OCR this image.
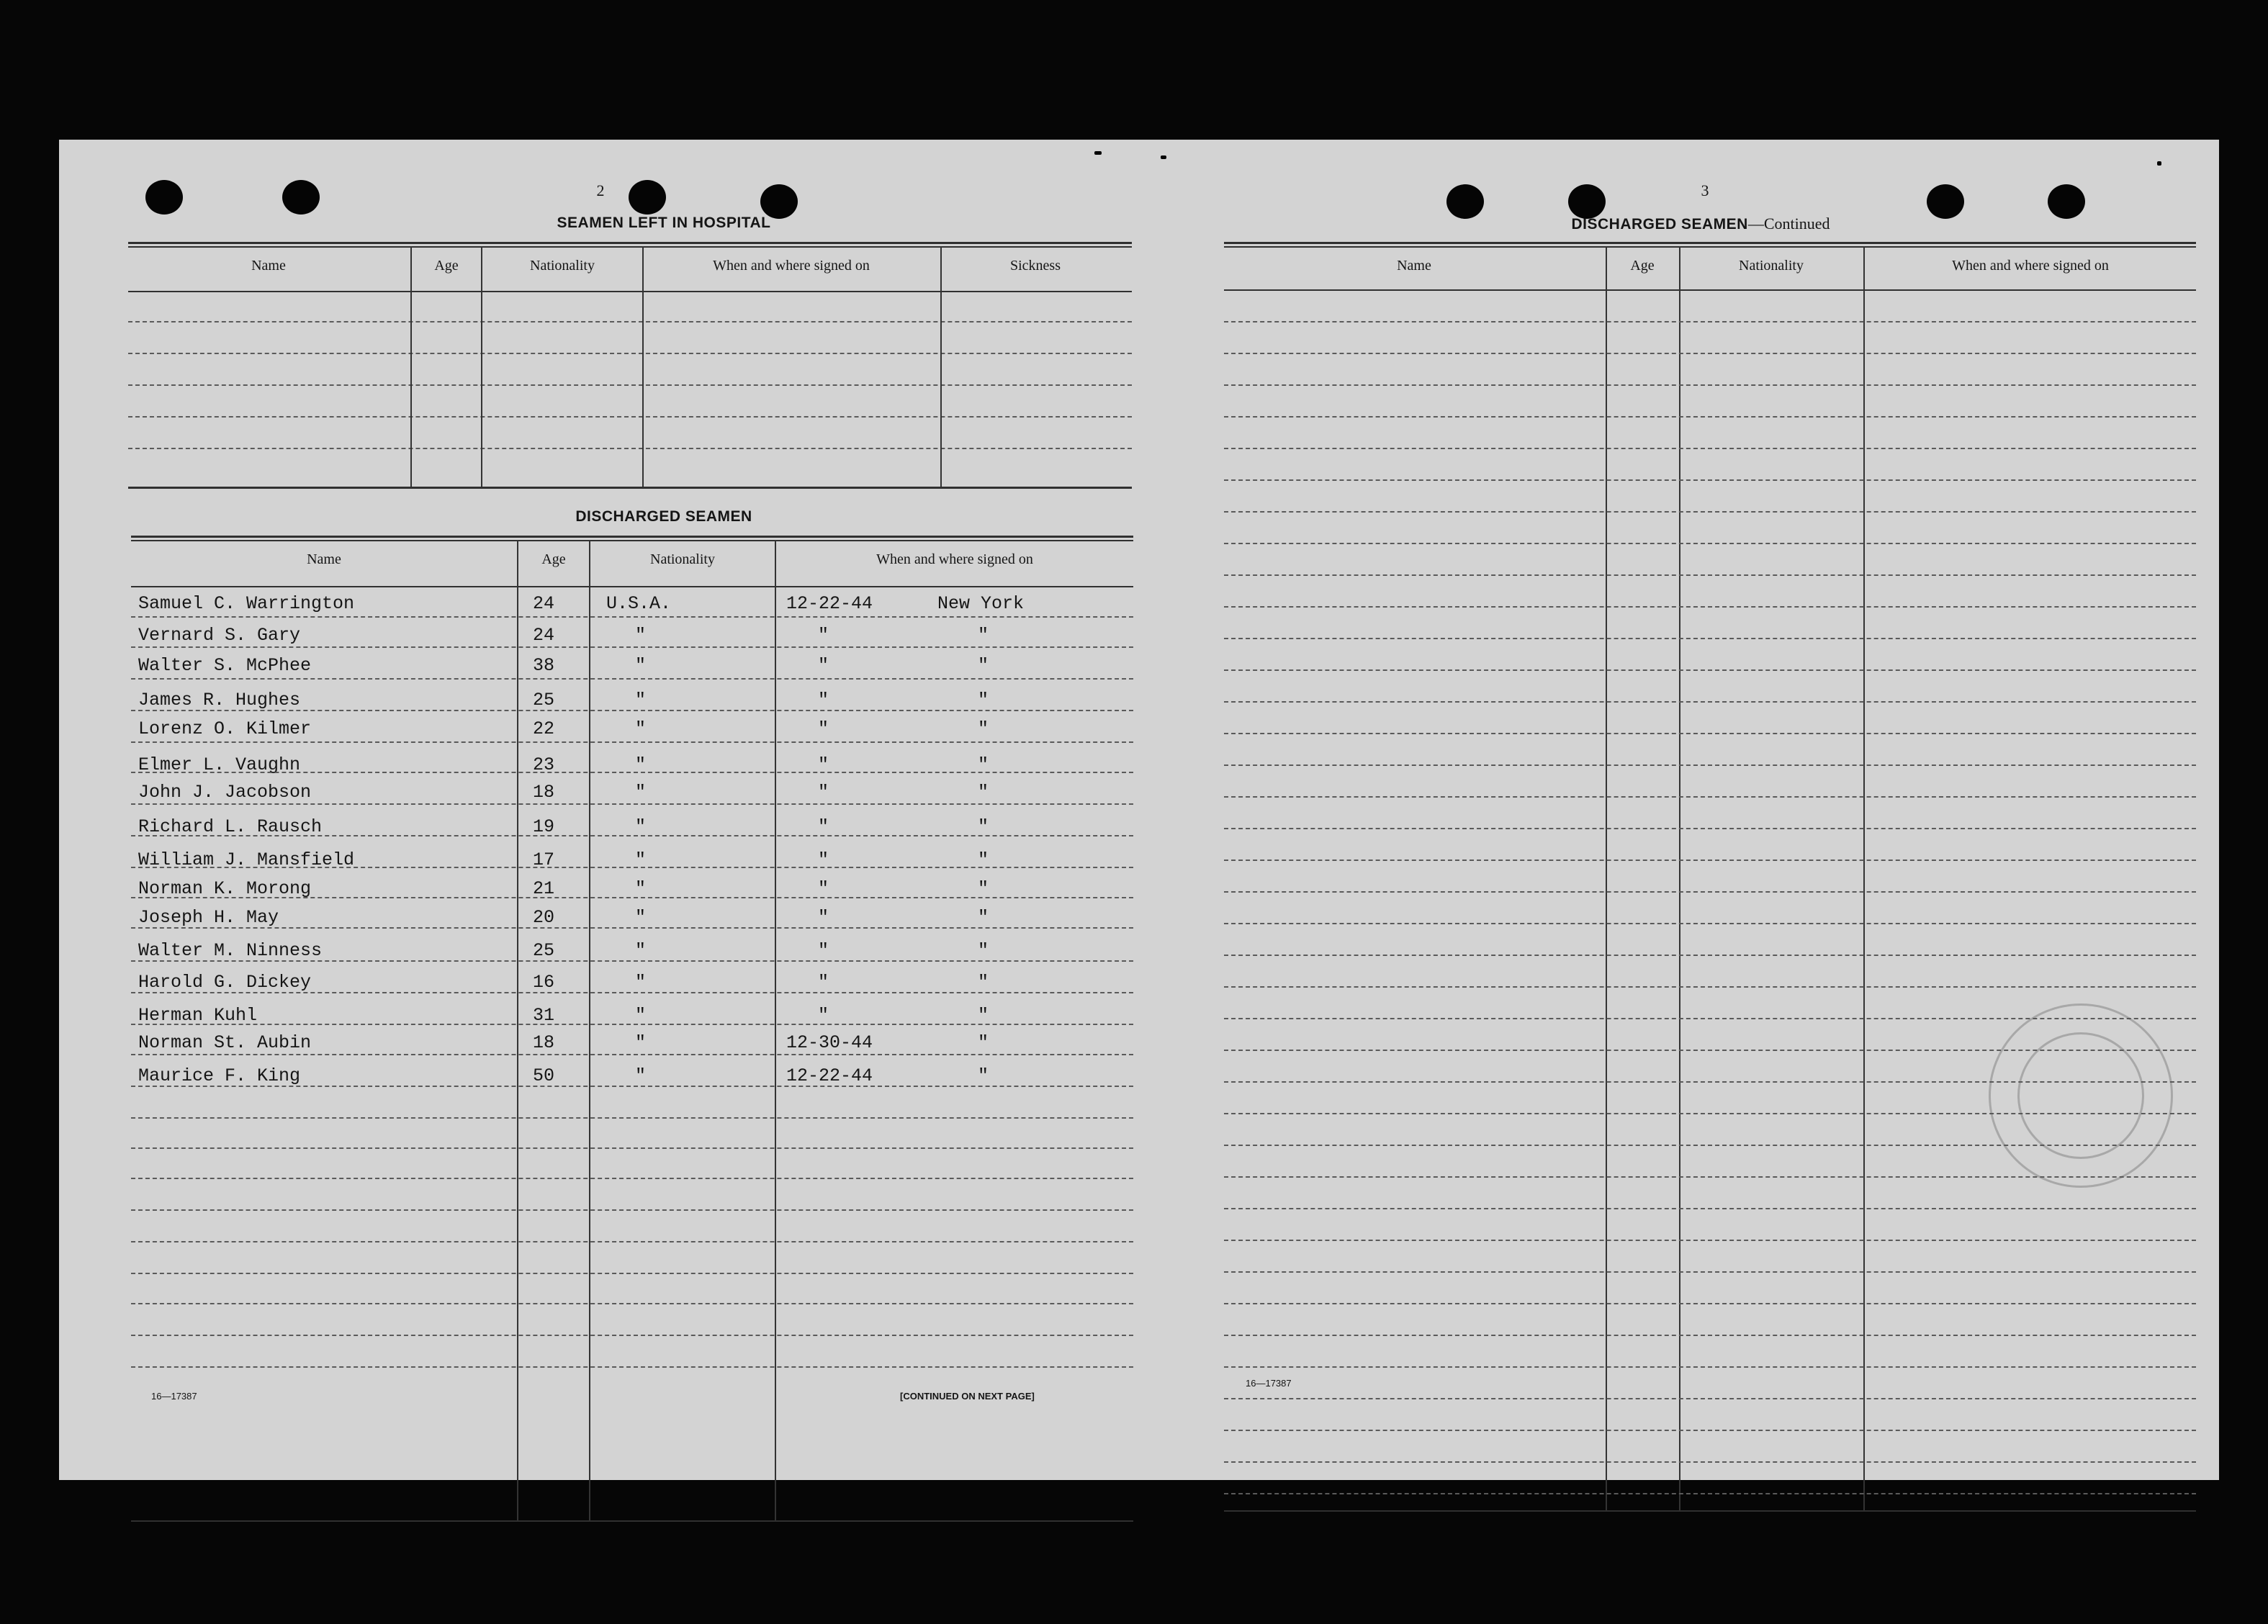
2
SEAMEN LEFT IN HOSPITAL
Name	Age	Nationality	When and where signed on	Sickness
DISCHARGED SEAMEN
Name	Age	Nationality	When and where signed on
Samuel C. Warrington	24	U.S.A.	12-22-44	New York
Vernard S. Gary	24	"	"	"
Walter S. McPhee	38	"	"	"
James R. Hughes	25	"	"	"
Lorenz O. Kilmer	22	"	"	"
Elmer L. Vaughn	23	"	"	"
John J. Jacobson	18	"	"	"
Richard L. Rausch	19	"	"	"
William J. Mansfield	17	"	"	"
Norman K. Morong	21	"	"	"
Joseph H. May	20	"	"	"
Walter M. Ninness	25	"	"	"
Harold G. Dickey	16	"	"	"
Herman Kuhl	31	"	"	"
Norman St. Aubin	18	"	12-30-44	"
Maurice F. King	50	"	12-22-44	"
16—17387	[CONTINUED ON NEXT PAGE]
3
DISCHARGED SEAMEN—Continued
Name	Age	Nationality	When and where signed on
16—17387
